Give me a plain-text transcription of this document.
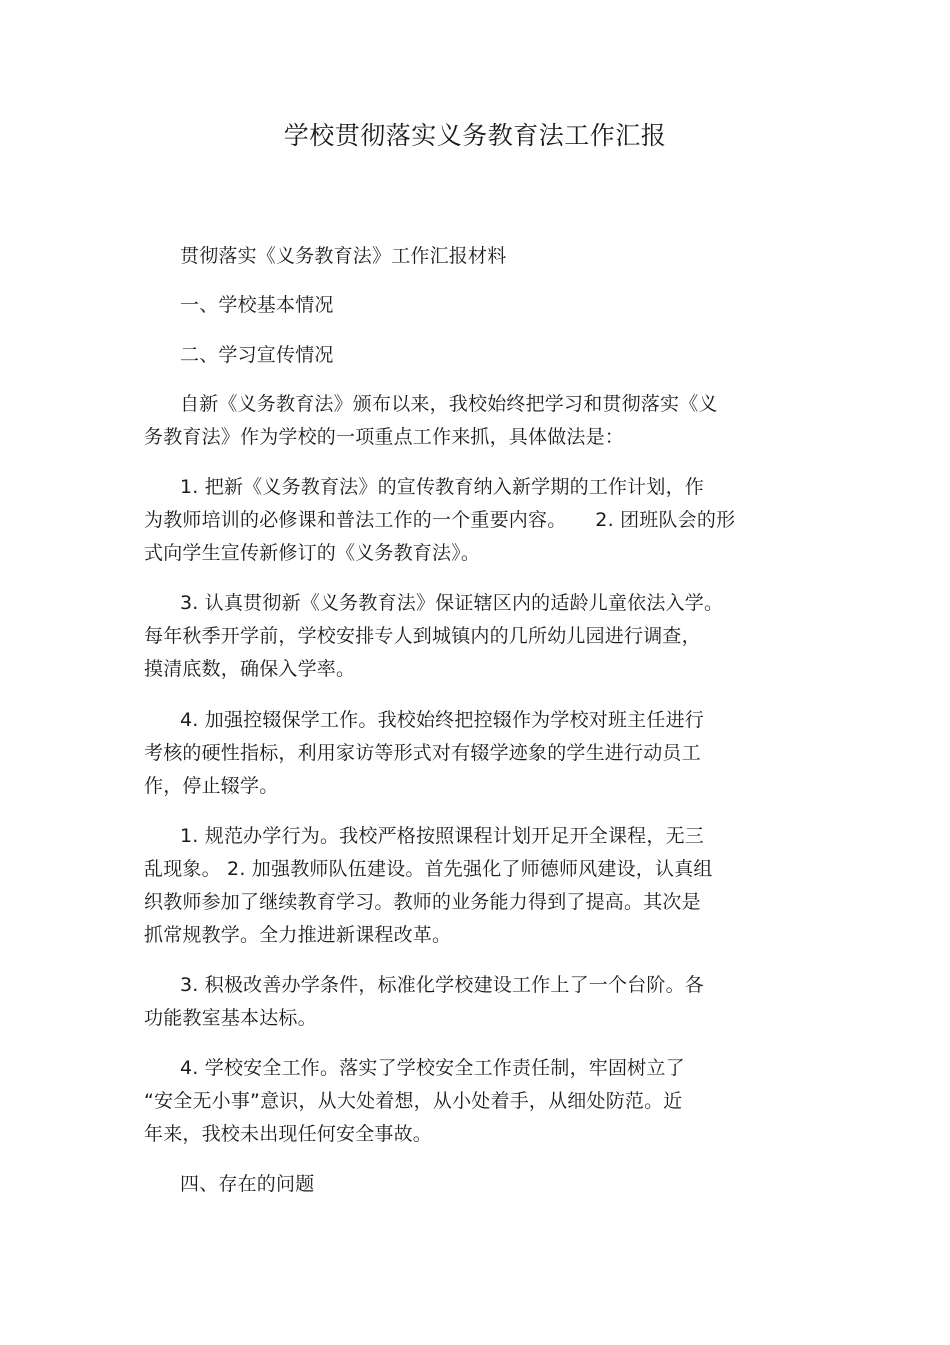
学校贯彻落实义务教育法工作汇报
贯彻落实《义务教育法》工作汇报材料
一、学校基本情况
二、学习宣传情况
自新《义务教育法》颁布以来，我校始终把学习和贯彻落实《义
务教育法》作为学校的一项重点工作来抓，具体做法是：
1. 把新《义务教育法》的宣传教育纳入新学期的工作计划，作
为教师培训的必修课和普法工作的一个重要内容。　　2. 团班队会的形
式向学生宣传新修订的《义务教育法》。
3. 认真贯彻新《义务教育法》保证辖区内的适龄儿童依法入学。
每年秋季开学前，学校安排专人到城镇内的几所幼儿园进行调查，
摸清底数，确保入学率。
4. 加强控辍保学工作。我校始终把控辍作为学校对班主任进行
考核的硬性指标，利用家访等形式对有辍学迹象的学生进行动员工
作，停止辍学。
1. 规范办学行为。我校严格按照课程计划开足开全课程，无三
乱现象。 2. 加强教师队伍建设。首先强化了师德师风建设，认真组
织教师参加了继续教育学习。教师的业务能力得到了提高。其次是
抓常规教学。全力推进新课程改革。
3. 积极改善办学条件，标准化学校建设工作上了一个台阶。各
功能教室基本达标。
4. 学校安全工作。落实了学校安全工作责任制，牢固树立了
“安全无小事”意识，从大处着想，从小处着手，从细处防范。近
年来，我校未出现任何安全事故。
四、存在的问题
